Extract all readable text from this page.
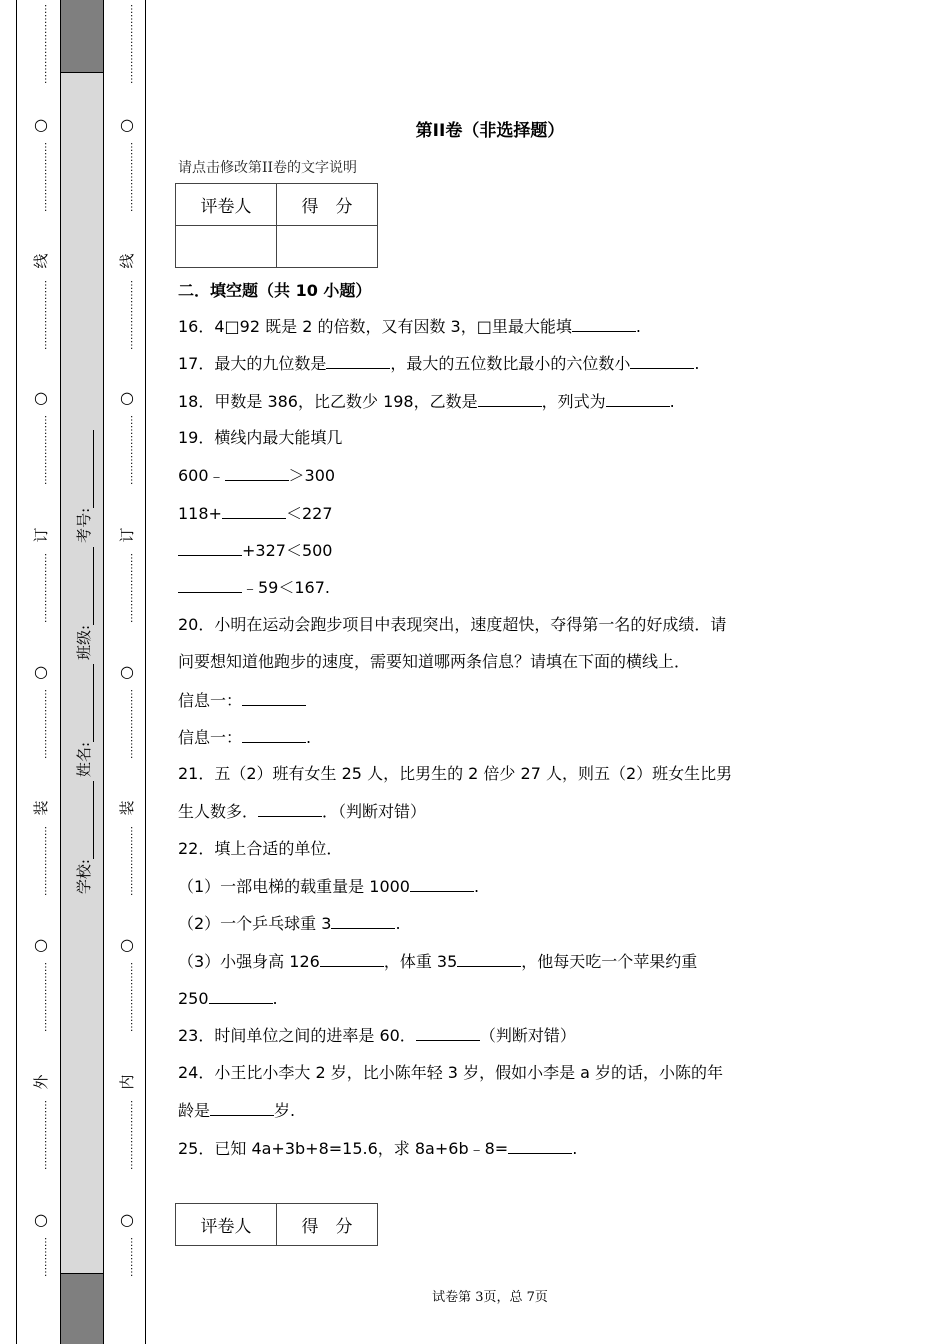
……………………
○
…………………
线
…………………
○
…………………
订
…………………
○
…………………
装
…………………
○
…………………
外
…………………
○
…………
学校:
姓名:
班级:
考号:
……………………
○
…………………
线
…………………
○
…………………
订
…………………
○
…………………
装
…………………
○
…………………
内
…………………
○
…………
第II卷（非选择题）
请点击修改第II卷的文字说明
评卷人	得　分

二．填空题（共 10 小题）
16．4□92 既是 2 的倍数，又有因数 3，□里最大能填	.
17．最大的九位数是	，最大的五位数比最小的六位数小	.
18．甲数是 386，比乙数少 198，乙数是	，列式为	.
19．横线内最大能填几
600﹣	＞300
118+	＜227
+327＜500
﹣59＜167.
20．小明在运动会跑步项目中表现突出，速度超快，夺得第一名的好成绩．请
问要想知道他跑步的速度，需要知道哪两条信息？请填在下面的横线上．
信息一：
信息一：	.
21．五（2）班有女生 25 人，比男生的 2 倍少 27 人，则五（2）班女生比男
生人数多．	．（判断对错）
22．填上合适的单位．
（1）一部电梯的载重量是 1000	.
（2）一个乒乓球重 3	.
（3）小强身高 126	，体重 35	，他每天吃一个苹果约重
250	.
23．时间单位之间的进率是 60．	（判断对错）
24．小王比小李大 2 岁，比小陈年轻 3 岁，假如小李是 a 岁的话，小陈的年
龄是	岁.
25．已知 4a+3b+8=15.6，求 8a+6b﹣8=	.
评卷人	得　分
试卷第 3页，总 7页
